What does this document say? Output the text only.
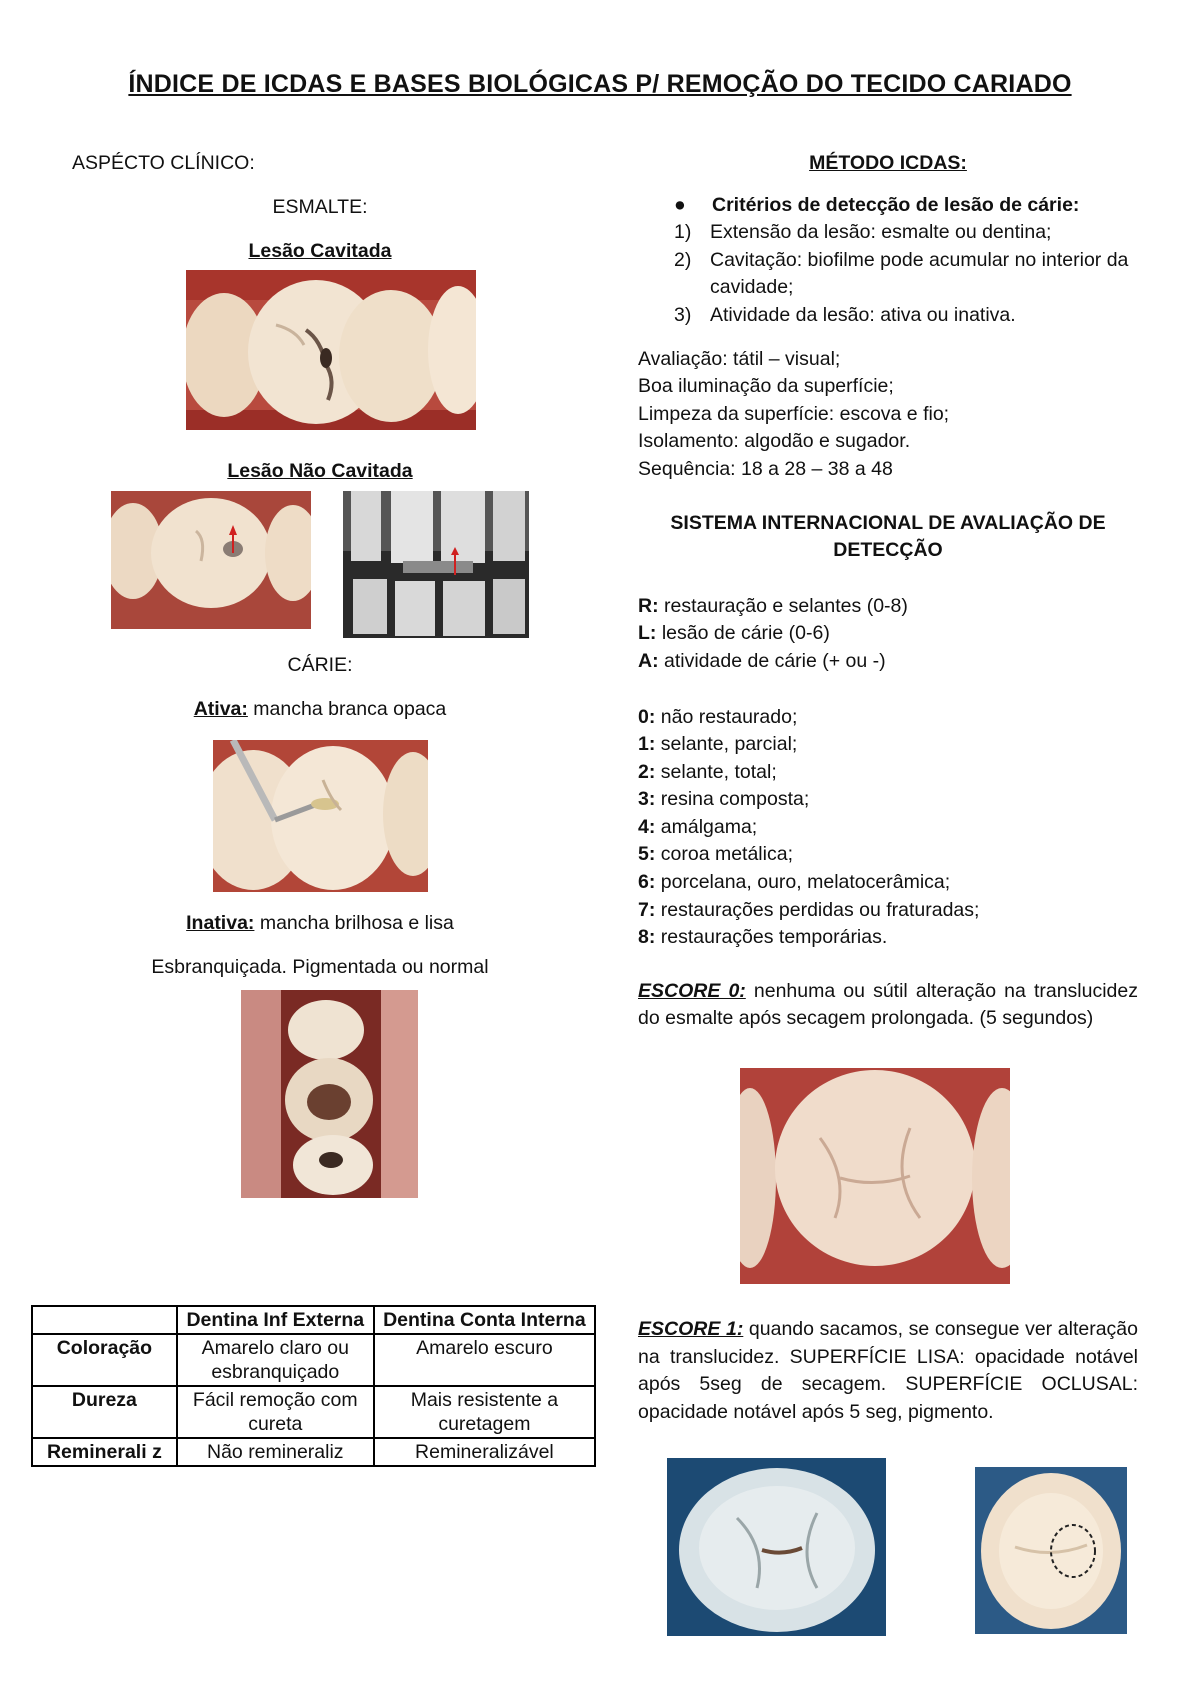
ÍNDICE DE ICDAS E BASES BIOLÓGICAS P/ REMOÇÃO DO TECIDO CARIADO
ASPÉCTO CLÍNICO:
ESMALTE:
Lesão Cavitada
Lesão Não Cavitada
CÁRIE:
Ativa: mancha branca opaca
Inativa: mancha brilhosa e lisa
Esbranquiçada. Pigmentada ou normal
	Dentina Inf Externa	Dentina Conta Interna
Coloração	Amarelo claro ou esbranquiçado	Amarelo escuro
Dureza	Fácil remoção com cureta	Mais resistente a curetagem
Reminerali z	Não remineraliz	Remineralizável
MÉTODO ICDAS:
● Critérios de detecção de lesão de cárie:
1) Extensão da lesão: esmalte ou dentina;
2) Cavitação: biofilme pode acumular no interior da cavidade;
3) Atividade da lesão: ativa ou inativa.
Avaliação: tátil – visual;
Boa iluminação da superfície;
Limpeza da superfície: escova e fio;
Isolamento: algodão e sugador.
Sequência: 18 a 28 – 38 a 48
SISTEMA INTERNACIONAL DE AVALIAÇÃO DE DETECÇÃO
R: restauração e selantes (0-8)
L: lesão de cárie (0-6)
A: atividade de cárie (+ ou -)
0: não restaurado;
1: selante, parcial;
2: selante, total;
3: resina composta;
4: amálgama;
5: coroa metálica;
6: porcelana, ouro, melatocerâmica;
7: restaurações perdidas ou fraturadas;
8: restaurações temporárias.
ESCORE 0: nenhuma ou sútil alteração na translucidez do esmalte após secagem prolongada. (5 segundos)
ESCORE 1: quando sacamos, se consegue ver alteração na translucidez. SUPERFÍCIE LISA: opacidade notável após 5seg de secagem. SUPERFÍCIE OCLUSAL: opacidade notável após 5 seg, pigmento.
